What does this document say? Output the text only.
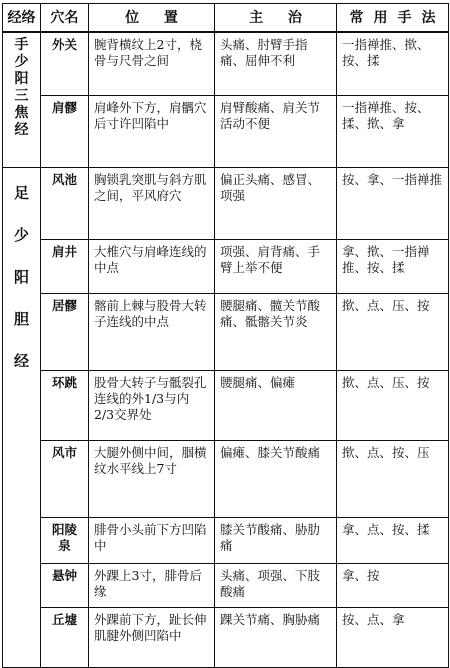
经络	穴名	位 置	主 治	常用手法
手少阳三焦经	外关	腕背横纹上2寸，桡骨与尺骨之间	头痛、肘臂手指痛、屈伸不利	一指禅推、揿、按、揉
	肩髎	肩峰外下方，肩髃穴后寸许凹陷中	肩臂酸痛、肩关节活动不便	一指禅推、按、揉、揿、拿
足少阳胆经	风池	胸锁乳突肌与斜方肌之间，平风府穴	偏正头痛、感冒、项强	按、拿、一指禅推
	肩井	大椎穴与肩峰连线的中点	项强、肩背痛、手臂上举不便	拿、揿、一指禅推、按、揉
	居髎	髂前上棘与股骨大转子连线的中点	腰腿痛、髋关节酸痛、骶髂关节炎	揿、点、压、按
	环跳	股骨大转子与骶裂孔连线的外1/3与内2/3交界处	腰腿痛、偏瘫	揿、点、压、按
	风市	大腿外侧中间，腘横纹水平线上7寸	偏瘫、膝关节酸痛	揿、点、按、压
	阳陵泉	腓骨小头前下方凹陷中	膝关节酸痛、胁肋痛	拿、点、按、揉
	悬钟	外踝上3寸，腓骨后缘	头痛、项强、下肢酸痛	拿、按
	丘墟	外踝前下方，趾长伸肌腱外侧凹陷中	踝关节痛、胸胁痛	按、点、拿
